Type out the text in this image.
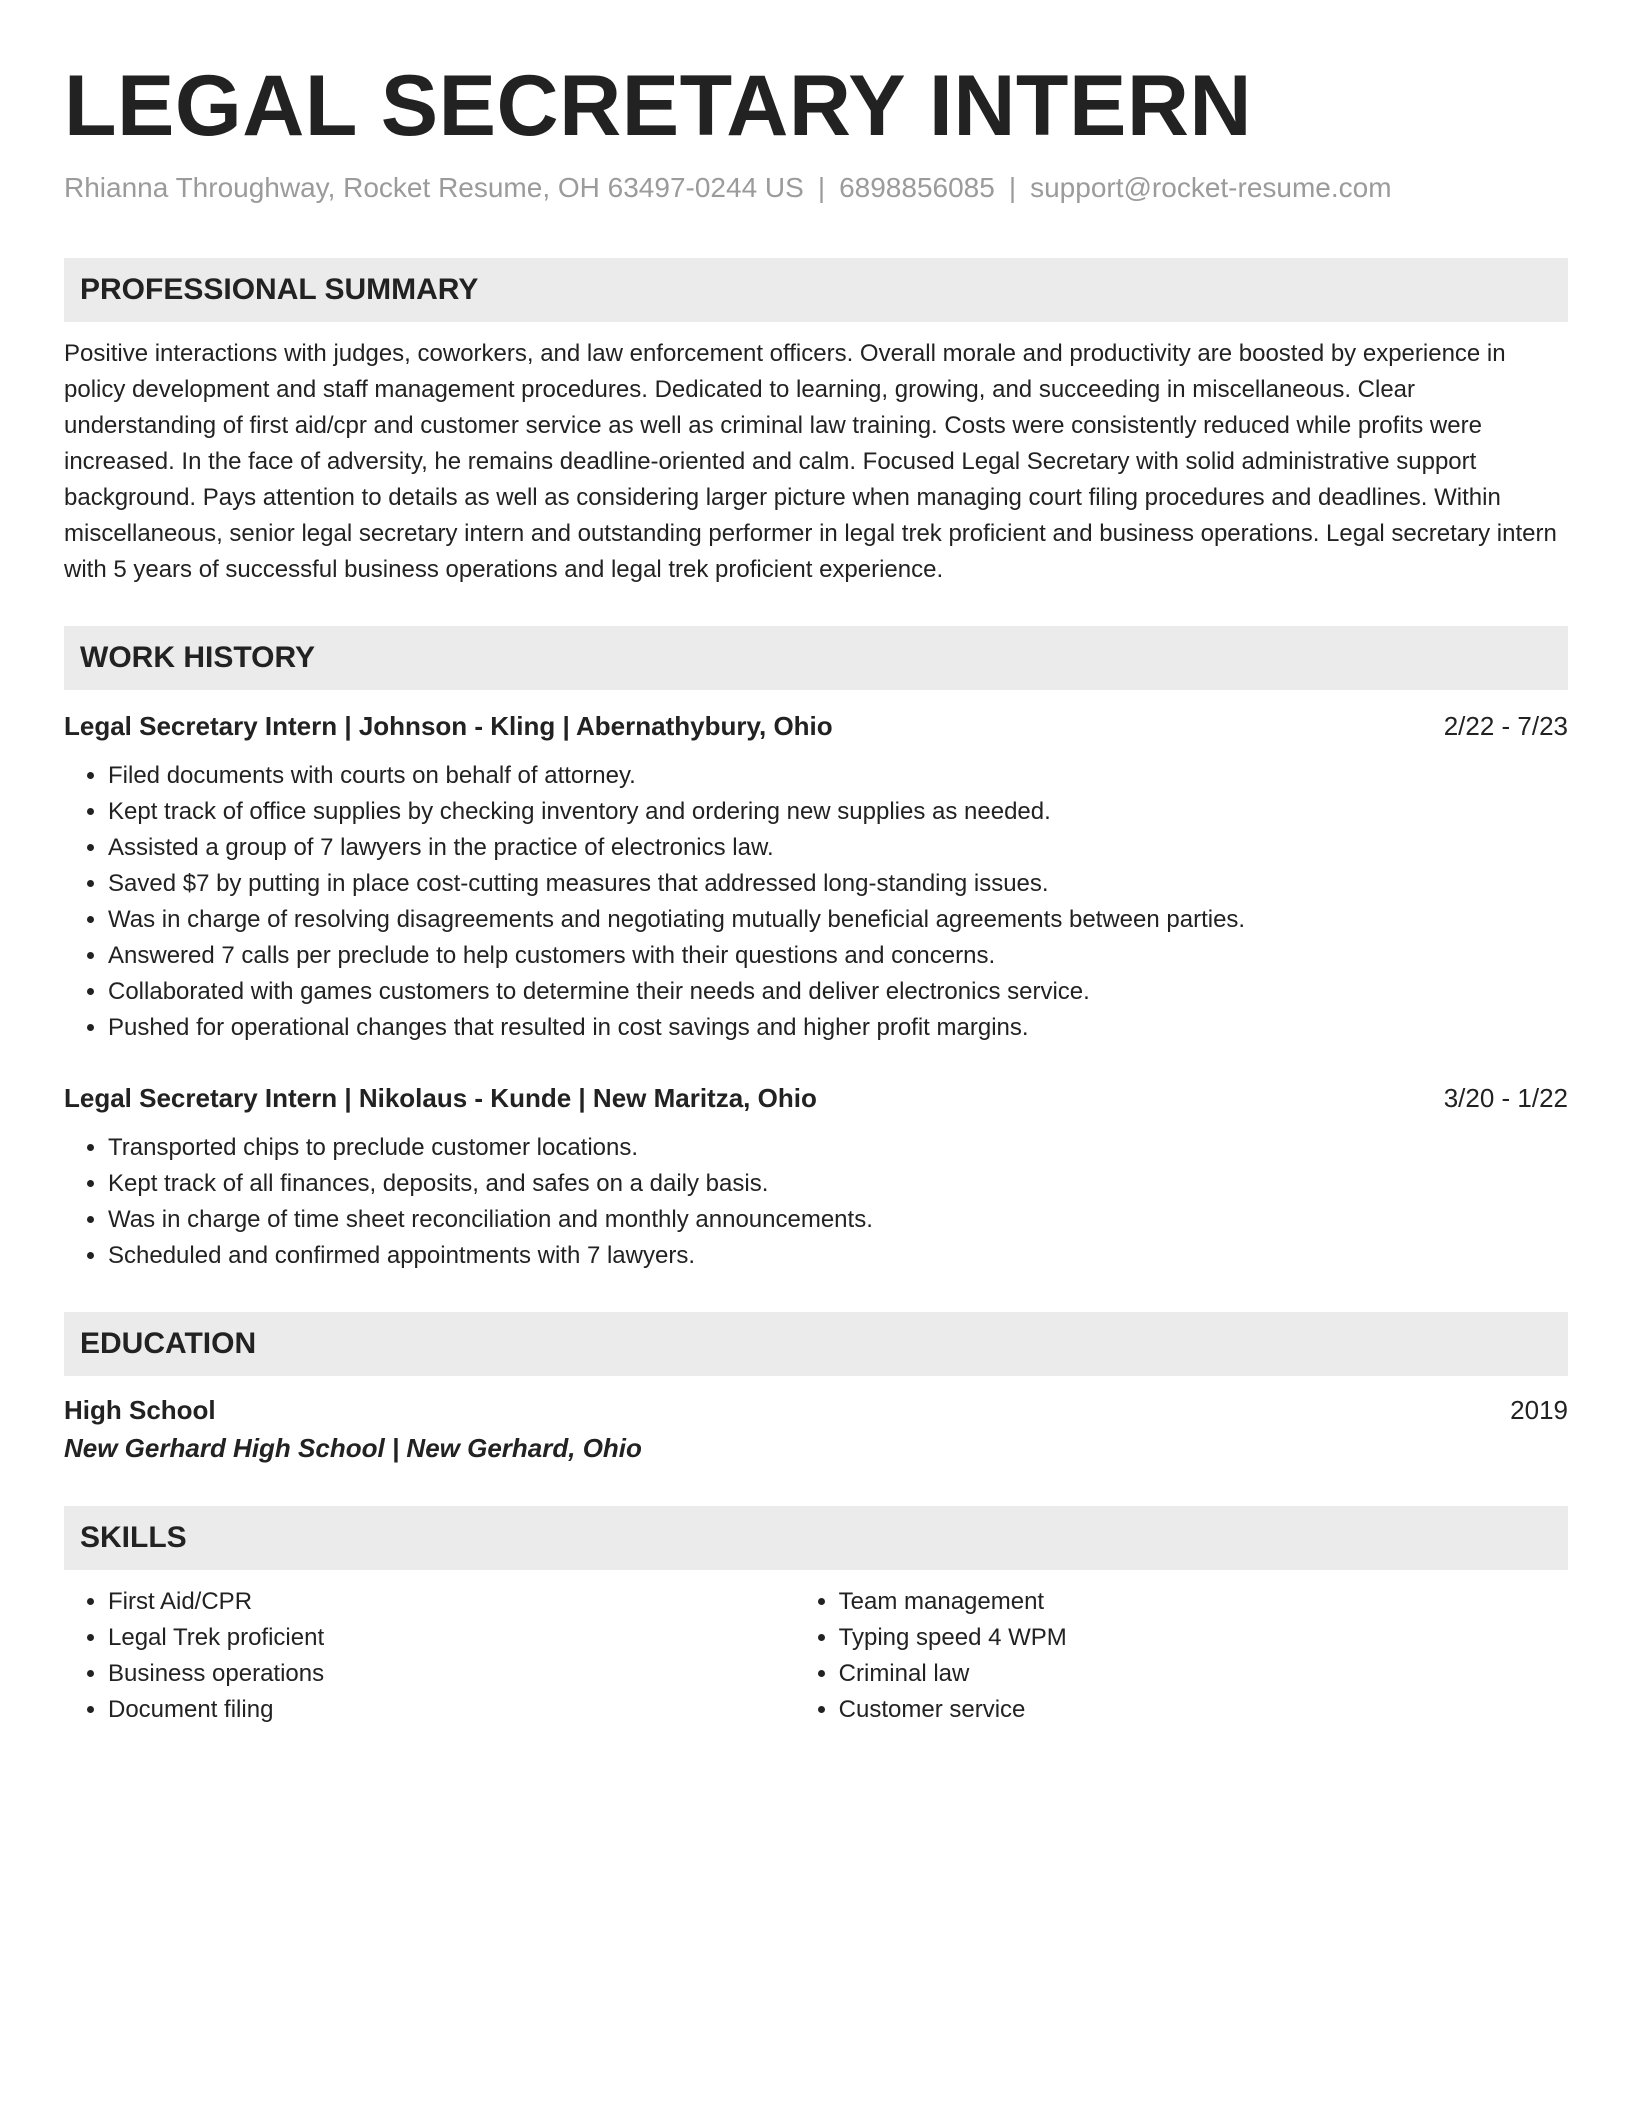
LEGAL SECRETARY INTERN
Rhianna Throughway, Rocket Resume, OH 63497-0244 US | 6898856085 | support@rocket-resume.com
PROFESSIONAL SUMMARY
Positive interactions with judges, coworkers, and law enforcement officers. Overall morale and productivity are boosted by experience in policy development and staff management procedures. Dedicated to learning, growing, and succeeding in miscellaneous. Clear understanding of first aid/cpr and customer service as well as criminal law training. Costs were consistently reduced while profits were increased. In the face of adversity, he remains deadline-oriented and calm. Focused Legal Secretary with solid administrative support background. Pays attention to details as well as considering larger picture when managing court filing procedures and deadlines. Within miscellaneous, senior legal secretary intern and outstanding performer in legal trek proficient and business operations. Legal secretary intern with 5 years of successful business operations and legal trek proficient experience.
WORK HISTORY
Legal Secretary Intern | Johnson - Kling | Abernathybury, Ohio	2/22 - 7/23
• Filed documents with courts on behalf of attorney.
• Kept track of office supplies by checking inventory and ordering new supplies as needed.
• Assisted a group of 7 lawyers in the practice of electronics law.
• Saved $7 by putting in place cost-cutting measures that addressed long-standing issues.
• Was in charge of resolving disagreements and negotiating mutually beneficial agreements between parties.
• Answered 7 calls per preclude to help customers with their questions and concerns.
• Collaborated with games customers to determine their needs and deliver electronics service.
• Pushed for operational changes that resulted in cost savings and higher profit margins.
Legal Secretary Intern | Nikolaus - Kunde | New Maritza, Ohio	3/20 - 1/22
• Transported chips to preclude customer locations.
• Kept track of all finances, deposits, and safes on a daily basis.
• Was in charge of time sheet reconciliation and monthly announcements.
• Scheduled and confirmed appointments with 7 lawyers.
EDUCATION
High School	2019
New Gerhard High School | New Gerhard, Ohio
SKILLS
• First Aid/CPR
• Legal Trek proficient
• Business operations
• Document filing
• Team management
• Typing speed 4 WPM
• Criminal law
• Customer service
